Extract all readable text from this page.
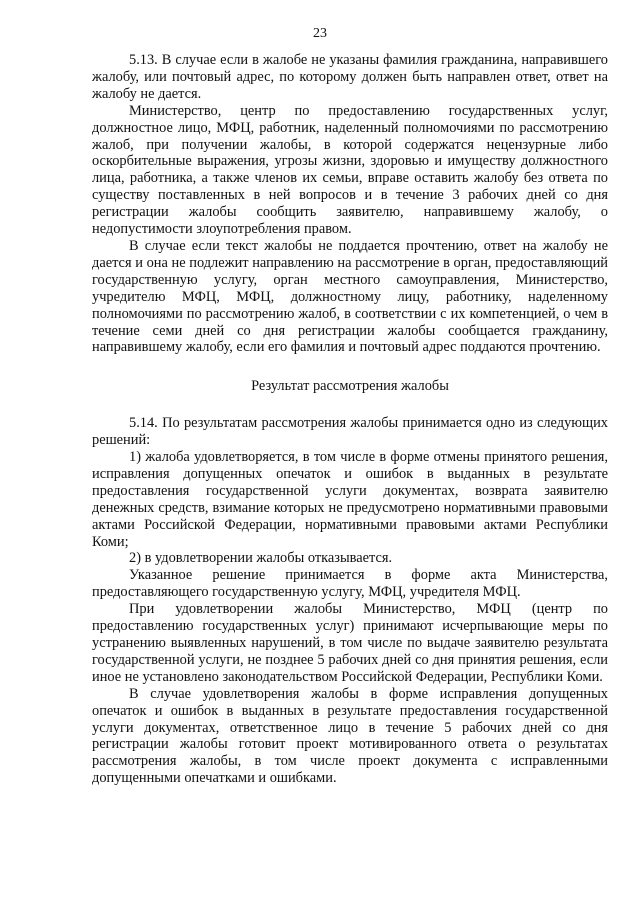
23

5.13. В случае если в жалобе не указаны фамилия гражданина, направившего жалобу, или почтовый адрес, по которому должен быть направлен ответ, ответ на жалобу не дается.

Министерство, центр по предоставлению государственных услуг, должностное лицо, МФЦ, работник, наделенный полномочиями по рассмотрению жалоб, при получении жалобы, в которой содержатся нецензурные либо оскорбительные выражения, угрозы жизни, здоровью и имуществу должностного лица, работника, а также членов их семьи, вправе оставить жалобу без ответа по существу поставленных в ней вопросов и в течение 3 рабочих дней со дня регистрации жалобы сообщить заявителю, направившему жалобу, о недопустимости злоупотребления правом.

В случае если текст жалобы не поддается прочтению, ответ на жалобу не дается и она не подлежит направлению на рассмотрение в орган, предоставляющий государственную услугу, орган местного самоуправления, Министерство, учредителю МФЦ, МФЦ, должностному лицу, работнику, наделенному полномочиями по рассмотрению жалоб, в соответствии с их компетенцией, о чем в течение семи дней со дня регистрации жалобы сообщается гражданину, направившему жалобу, если его фамилия и почтовый адрес поддаются прочтению.

Результат рассмотрения жалобы

5.14. По результатам рассмотрения жалобы принимается одно из следующих решений:

1) жалоба удовлетворяется, в том числе в форме отмены принятого решения, исправления допущенных опечаток и ошибок в выданных в результате предоставления государственной услуги документах, возврата заявителю денежных средств, взимание которых не предусмотрено нормативными правовыми актами Российской Федерации, нормативными правовыми актами Республики Коми;

2) в удовлетворении жалобы отказывается.

Указанное решение принимается в форме акта Министерства, предоставляющего государственную услугу, МФЦ, учредителя МФЦ.

При удовлетворении жалобы Министерство, МФЦ (центр по предоставлению государственных услуг) принимают исчерпывающие меры по устранению выявленных нарушений, в том числе по выдаче заявителю результата государственной услуги, не позднее 5 рабочих дней со дня принятия решения, если иное не установлено законодательством Российской Федерации, Республики Коми.

В случае удовлетворения жалобы в форме исправления допущенных опечаток и ошибок в выданных в результате предоставления государственной услуги документах, ответственное лицо в течение 5 рабочих дней со дня регистрации жалобы готовит проект мотивированного ответа о результатах рассмотрения жалобы, в том числе проект документа с исправленными допущенными опечатками и ошибками.
